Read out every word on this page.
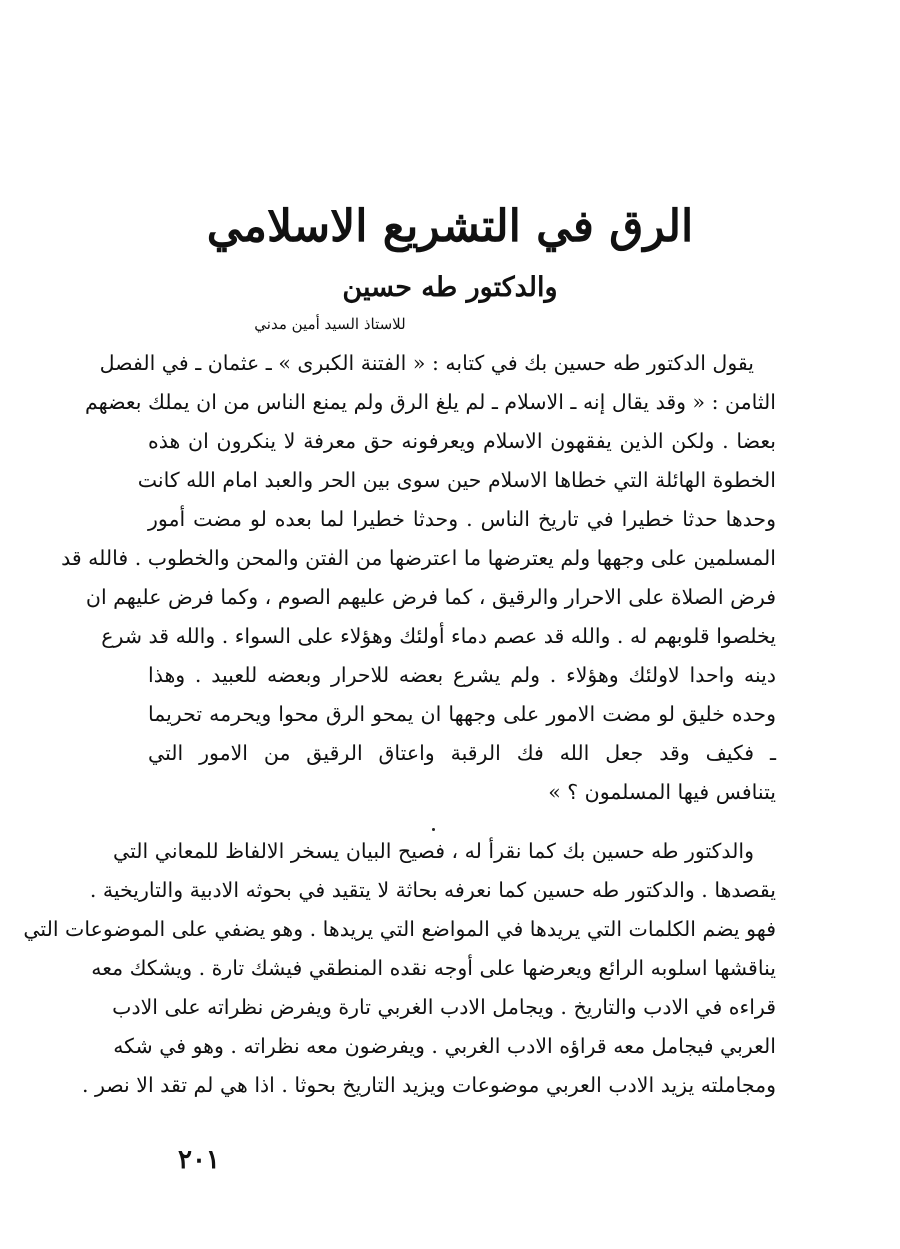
الرق في التشريع الاسلامي
والدكتور طه حسين

للاستاذ السيد أمين مدني

يقول الدكتور طه حسين بك في كتابه : « الفتنة الكبرى » ـ عثمان ـ في الفصل
الثامن : « وقد يقال إنه ـ الاسلام ـ لم يلغ الرق ولم يمنع الناس من ان يملك بعضهم
بعضا . ولكن الذين يفقهون الاسلام ويعرفونه حق معرفة لا ينكرون ان هذه
الخطوة الهائلة التي خطاها الاسلام حين سوى بين الحر والعبد امام الله كانت
وحدها حدثا خطيرا في تاريخ الناس . وحدثا خطيرا لما بعده لو مضت أمور
المسلمين على وجهها ولم يعترضها ما اعترضها من الفتن والمحن والخطوب . فالله قد
فرض الصلاة على الاحرار والرقيق ، كما فرض عليهم الصوم ، وكما فرض عليهم ان
يخلصوا قلوبهم له . والله قد عصم دماء أولئك وهؤلاء على السواء . والله قد شرع
دينه واحدا لاولئك وهؤلاء . ولم يشرع بعضه للاحرار وبعضه للعبيد . وهذا
وحده خليق لو مضت الامور على وجهها ان يمحو الرق محوا ويحرمه تحريما
ـ فكيف وقد جعل الله فك الرقبة واعتاق الرقيق من الامور التي
يتنافس فيها المسلمون ؟ »
والدكتور طه حسين بك كما نقرأ له ، فصيح البيان يسخر الالفاظ للمعاني التي
يقصدها . والدكتور طه حسين كما نعرفه بحاثة لا يتقيد في بحوثه الادبية والتاريخية .
فهو يضم الكلمات التي يريدها في المواضع التي يريدها . وهو يضفي على الموضوعات التي
يناقشها اسلوبه الرائع ويعرضها على أوجه نقده المنطقي فيشك تارة . ويشكك معه
قراءه في الادب والتاريخ . ويجامل الادب الغربي تارة ويفرض نظراته على الادب
العربي فيجامل معه قراؤه الادب الغربي . ويفرضون معه نظراته . وهو في شكه
ومجاملته يزيد الادب العربي موضوعات ويزيد التاريخ بحوثا . اذا هي لم تقد الا نصر .
٢٠١
